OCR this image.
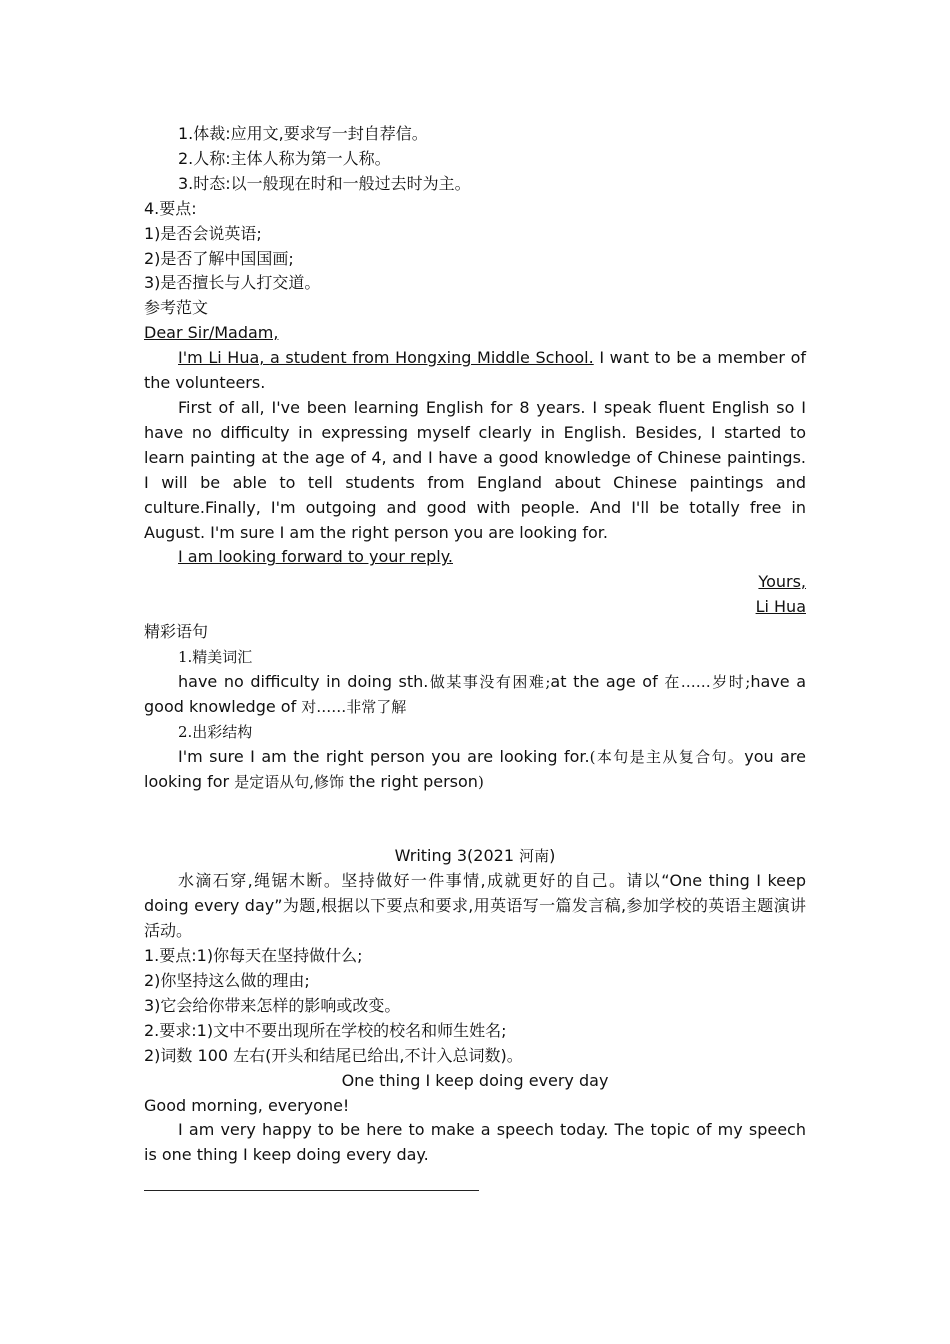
1.体裁:应用文,要求写一封自荐信。

2.人称:主体人称为第一人称。

3.时态:以一般现在时和一般过去时为主。

4.要点:

1)是否会说英语;

2)是否了解中国国画;

3)是否擅长与人打交道。

参考范文

Dear Sir/Madam,

I'm Li Hua, a student from Hongxing Middle School. I want to be a member of the volunteers.

First of all, I've been learning English for 8 years. I speak fluent English so I have no difficulty in expressing myself clearly in English. Besides, I started to learn painting at the age of 4, and I have a good knowledge of Chinese paintings. I will be able to tell students from England about Chinese paintings and culture.Finally, I'm outgoing and good with people. And I'll be totally free in August. I'm sure I am the right person you are looking for.

I am looking forward to your reply.

Yours,

Li Hua

精彩语句

1.精美词汇

have no difficulty in doing sth.做某事没有困难;at the age of 在……岁时;have a good knowledge of 对……非常了解

2.出彩结构

I'm sure I am the right person you are looking for.(本句是主从复合句。you are looking for 是定语从句,修饰 the right person)

Writing 3(2021 河南)

水滴石穿,绳锯木断。坚持做好一件事情,成就更好的自己。请以“One thing I keep doing every day”为题,根据以下要点和要求,用英语写一篇发言稿,参加学校的英语主题演讲活动。

1.要点:1)你每天在坚持做什么;

2)你坚持这么做的理由;

3)它会给你带来怎样的影响或改变。

2.要求:1)文中不要出现所在学校的校名和师生姓名;

2)词数 100 左右(开头和结尾已给出,不计入总词数)。

One thing I keep doing every day

Good morning, everyone!

I am very happy to be here to make a speech today. The topic of my speech is one thing I keep doing every day.
